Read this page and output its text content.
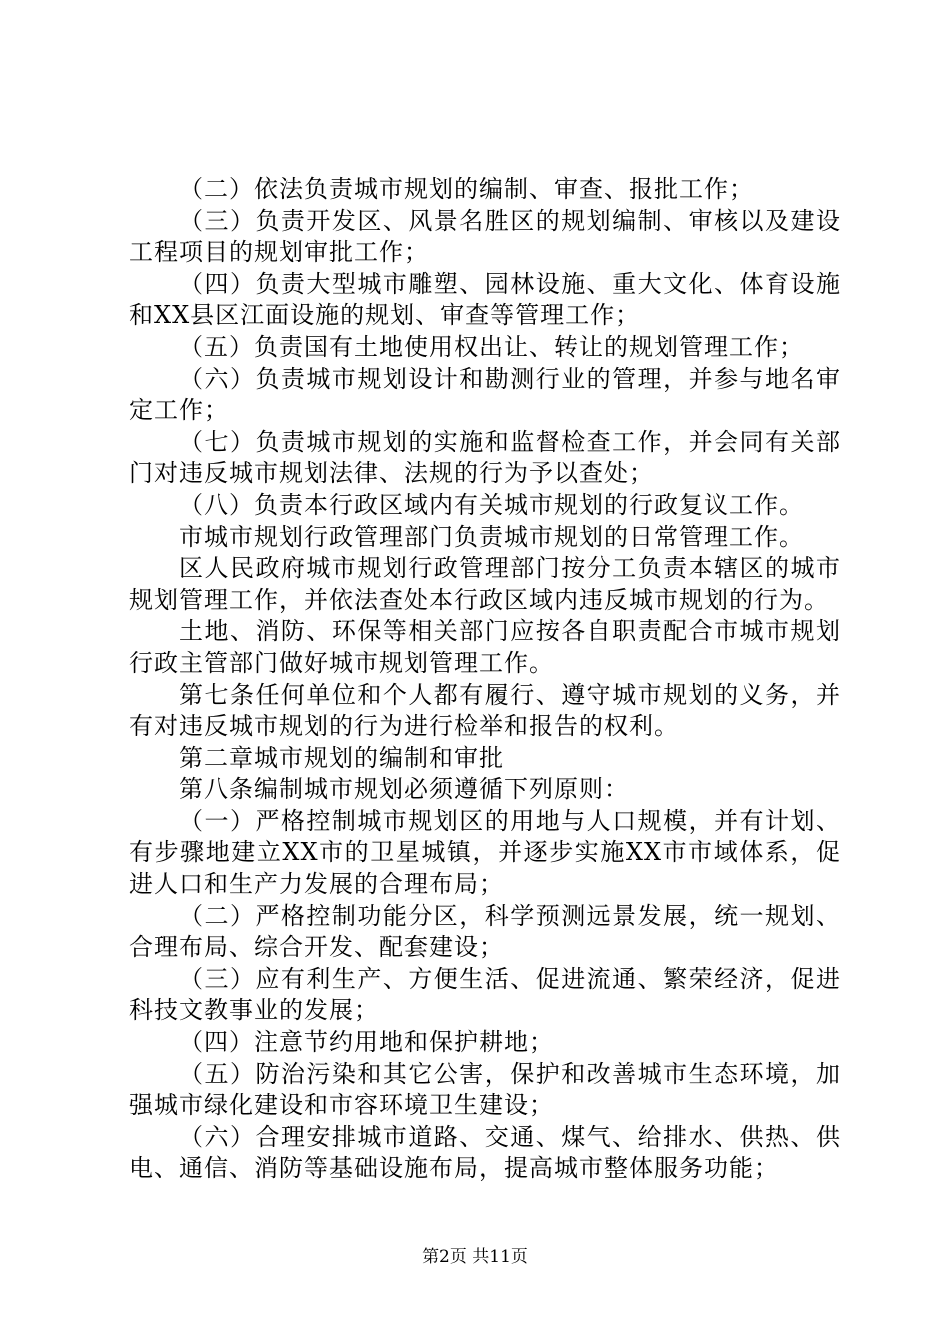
（二）依法负责城市规划的编制、审查、报批工作；

（三）负责开发区、风景名胜区的规划编制、审核以及建设工程项目的规划审批工作；

（四）负责大型城市雕塑、园林设施、重大文化、体育设施和XX县区江面设施的规划、审查等管理工作；

（五）负责国有土地使用权出让、转让的规划管理工作；

（六）负责城市规划设计和勘测行业的管理，并参与地名审定工作；

（七）负责城市规划的实施和监督检查工作，并会同有关部门对违反城市规划法律、法规的行为予以查处；

（八）负责本行政区域内有关城市规划的行政复议工作。

市城市规划行政管理部门负责城市规划的日常管理工作。

区人民政府城市规划行政管理部门按分工负责本辖区的城市规划管理工作，并依法查处本行政区域内违反城市规划的行为。

土地、消防、环保等相关部门应按各自职责配合市城市规划行政主管部门做好城市规划管理工作。

第七条任何单位和个人都有履行、遵守城市规划的义务，并有对违反城市规划的行为进行检举和报告的权利。

第二章城市规划的编制和审批

第八条编制城市规划必须遵循下列原则：

（一）严格控制城市规划区的用地与人口规模，并有计划、有步骤地建立XX市的卫星城镇，并逐步实施XX市市域体系，促进人口和生产力发展的合理布局；

（二）严格控制功能分区，科学预测远景发展，统一规划、合理布局、综合开发、配套建设；

（三）应有利生产、方便生活、促进流通、繁荣经济，促进科技文教事业的发展；

（四）注意节约用地和保护耕地；

（五）防治污染和其它公害，保护和改善城市生态环境，加强城市绿化建设和市容环境卫生建设；

（六）合理安排城市道路、交通、煤气、给排水、供热、供电、通信、消防等基础设施布局，提高城市整体服务功能；

第2页 共11页
